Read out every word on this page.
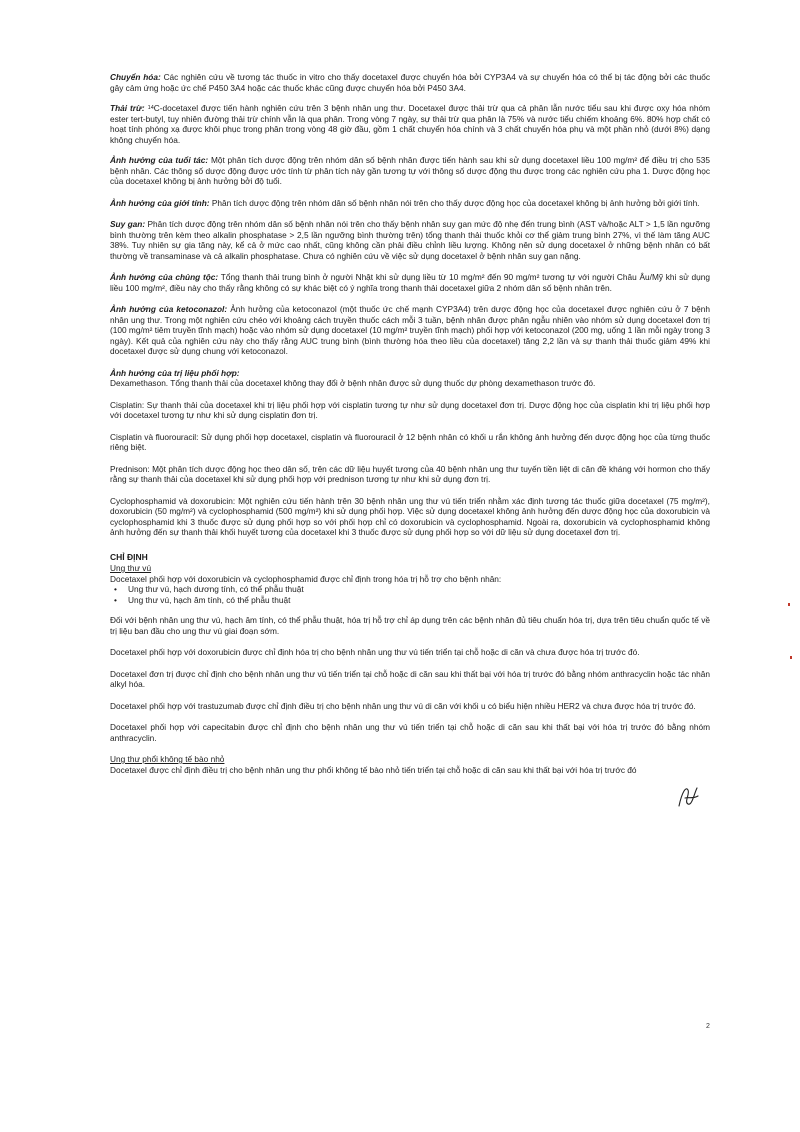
Chuyển hóa: Các nghiên cứu về tương tác thuốc in vitro cho thấy docetaxel được chuyển hóa bởi CYP3A4 và sự chuyển hóa có thể bị tác động bởi các thuốc gây cảm ứng hoặc ức chế P450 3A4 hoặc các thuốc khác cũng được chuyển hóa bởi P450 3A4.

Thải trừ: $^{14}$C-docetaxel được tiến hành nghiên cứu trên 3 bệnh nhân ung thư. Docetaxel được thải trừ qua cả phân lẫn nước tiểu sau khi được oxy hóa nhóm ester tert-butyl, tuy nhiên đường thải trừ chính vẫn là qua phân. Trong vòng 7 ngày, sự thải trừ qua phân là 75% và nước tiểu chiếm khoảng 6%. 80% hợp chất có hoạt tính phóng xạ được khôi phục trong phân trong vòng 48 giờ đầu, gồm 1 chất chuyển hóa chính và 3 chất chuyển hóa phụ và một phần nhỏ (dưới 8%) dạng không chuyển hóa.

Ảnh hưởng của tuổi tác: Một phân tích dược động trên nhóm dân số bệnh nhân được tiến hành sau khi sử dụng docetaxel liều 100 mg/m² để điều trị cho 535 bệnh nhân. Các thông số dược động được ước tính từ phân tích này gần tương tự với thông số dược động thu được trong các nghiên cứu pha 1. Dược động học của docetaxel không bị ảnh hưởng bởi độ tuổi.

Ảnh hưởng của giới tính: Phân tích dược động trên nhóm dân số bệnh nhân nói trên cho thấy dược động học của docetaxel không bị ảnh hưởng bởi giới tính.

Suy gan: Phân tích dược động trên nhóm dân số bệnh nhân nói trên cho thấy bệnh nhân suy gan mức độ nhẹ đến trung bình (AST và/hoặc ALT > 1,5 lần ngưỡng bình thường trên kèm theo alkalin phosphatase > 2,5 lần ngưỡng bình thường trên) tổng thanh thải thuốc khỏi cơ thể giảm trung bình 27%, vì thế làm tăng AUC 38%. Tuy nhiên sự gia tăng này, kể cả ở mức cao nhất, cũng không cần phải điều chỉnh liều lượng. Không nên sử dụng docetaxel ở những bệnh nhân có bất thường về transaminase và cả alkalin phosphatase. Chưa có nghiên cứu về việc sử dụng docetaxel ở bệnh nhân suy gan nặng.

Ảnh hưởng của chủng tộc: Tổng thanh thải trung bình ở người Nhật khi sử dụng liều từ 10 mg/m² đến 90 mg/m² tương tự với người Châu Âu/Mỹ khi sử dụng liều 100 mg/m², điều này cho thấy rằng không có sự khác biệt có ý nghĩa trong thanh thải docetaxel giữa 2 nhóm dân số bệnh nhân trên.

Ảnh hưởng của ketoconazol: Ảnh hưởng của ketoconazol (một thuốc ức chế mạnh CYP3A4) trên dược động học của docetaxel được nghiên cứu ở 7 bệnh nhân ung thư. Trong một nghiên cứu chéo với khoảng cách truyền thuốc cách mỗi 3 tuần, bệnh nhân được phân ngẫu nhiên vào nhóm sử dụng docetaxel đơn trị (100 mg/m² tiêm truyền tĩnh mạch) hoặc vào nhóm sử dụng docetaxel (10 mg/m² truyền tĩnh mạch) phối hợp với ketoconazol (200 mg, uống 1 lần mỗi ngày trong 3 ngày). Kết quả của nghiên cứu này cho thấy rằng AUC trung bình (bình thường hóa theo liều của docetaxel) tăng 2,2 lần và sự thanh thải thuốc giảm 49% khi docetaxel được sử dụng chung với ketoconazol.

Ảnh hưởng của trị liệu phối hợp:

Dexamethason. Tổng thanh thải của docetaxel không thay đổi ở bệnh nhân được sử dụng thuốc dự phòng dexamethason trước đó.

Cisplatin: Sự thanh thải của docetaxel khi trị liệu phối hợp với cisplatin tương tự như sử dụng docetaxel đơn trị. Dược động học của cisplatin khi trị liệu phối hợp với docetaxel tương tự như khi sử dụng cisplatin đơn trị.

Cisplatin và fluorouracil: Sử dụng phối hợp docetaxel, cisplatin và fluorouracil ở 12 bệnh nhân có khối u rắn không ảnh hưởng đến dược động học của từng thuốc riêng biệt.

Prednison: Một phân tích dược động học theo dân số, trên các dữ liệu huyết tương của 40 bệnh nhân ung thư tuyến tiền liệt di căn đề kháng với hormon cho thấy rằng sự thanh thải của docetaxel khi sử dụng phối hợp với prednison tương tự như khi sử dụng đơn trị.

Cyclophosphamid và doxorubicin: Một nghiên cứu tiến hành trên 30 bệnh nhân ung thư vú tiến triển nhằm xác định tương tác thuốc giữa docetaxel (75 mg/m²), doxorubicin (50 mg/m²) và cyclophosphamid (500 mg/m²) khi sử dụng phối hợp. Việc sử dụng docetaxel không ảnh hưởng đến dược động học của doxorubicin và cyclophosphamid khi 3 thuốc được sử dụng phối hợp so với phối hợp chỉ có doxorubicin và cyclophosphamid. Ngoài ra, doxorubicin và cyclophosphamid không ảnh hưởng đến sự thanh thải khối huyết tương của docetaxel khi 3 thuốc được sử dụng phối hợp so với dữ liệu sử dụng docetaxel đơn trị.

CHỈ ĐỊNH

Ung thư vú

Docetaxel phối hợp với doxorubicin và cyclophosphamid được chỉ định trong hóa trị hỗ trợ cho bệnh nhân:

• Ung thư vú, hạch dương tính, có thể phẫu thuật
• Ung thư vú, hạch âm tính, có thể phẫu thuật

Đối với bệnh nhân ung thư vú, hạch âm tính, có thể phẫu thuật, hóa trị hỗ trợ chỉ áp dụng trên các bệnh nhân đủ tiêu chuẩn hóa trị, dựa trên tiêu chuẩn quốc tế về trị liệu ban đầu cho ung thư vú giai đoạn sớm.

Docetaxel phối hợp với doxorubicin được chỉ định hóa trị cho bệnh nhân ung thư vú tiến triển tại chỗ hoặc di căn và chưa được hóa trị trước đó.

Docetaxel đơn trị được chỉ định cho bệnh nhân ung thư vú tiến triển tại chỗ hoặc di căn sau khi thất bại với hóa trị trước đó bằng nhóm anthracyclin hoặc tác nhân alkyl hóa.

Docetaxel phối hợp với trastuzumab được chỉ định điều trị cho bệnh nhân ung thư vú di căn với khối u có biểu hiện nhiều HER2 và chưa được hóa trị trước đó.

Docetaxel phối hợp với capecitabin được chỉ định cho bệnh nhân ung thư vú tiến triển tại chỗ hoặc di căn sau khi thất bại với hóa trị trước đó bằng nhóm anthracyclin.

Ung thư phổi không tế bào nhỏ

Docetaxel được chỉ định điều trị cho bệnh nhân ung thư phổi không tế bào nhỏ tiến triển tại chỗ hoặc di căn sau khi thất bại với hóa trị trước đó

2
